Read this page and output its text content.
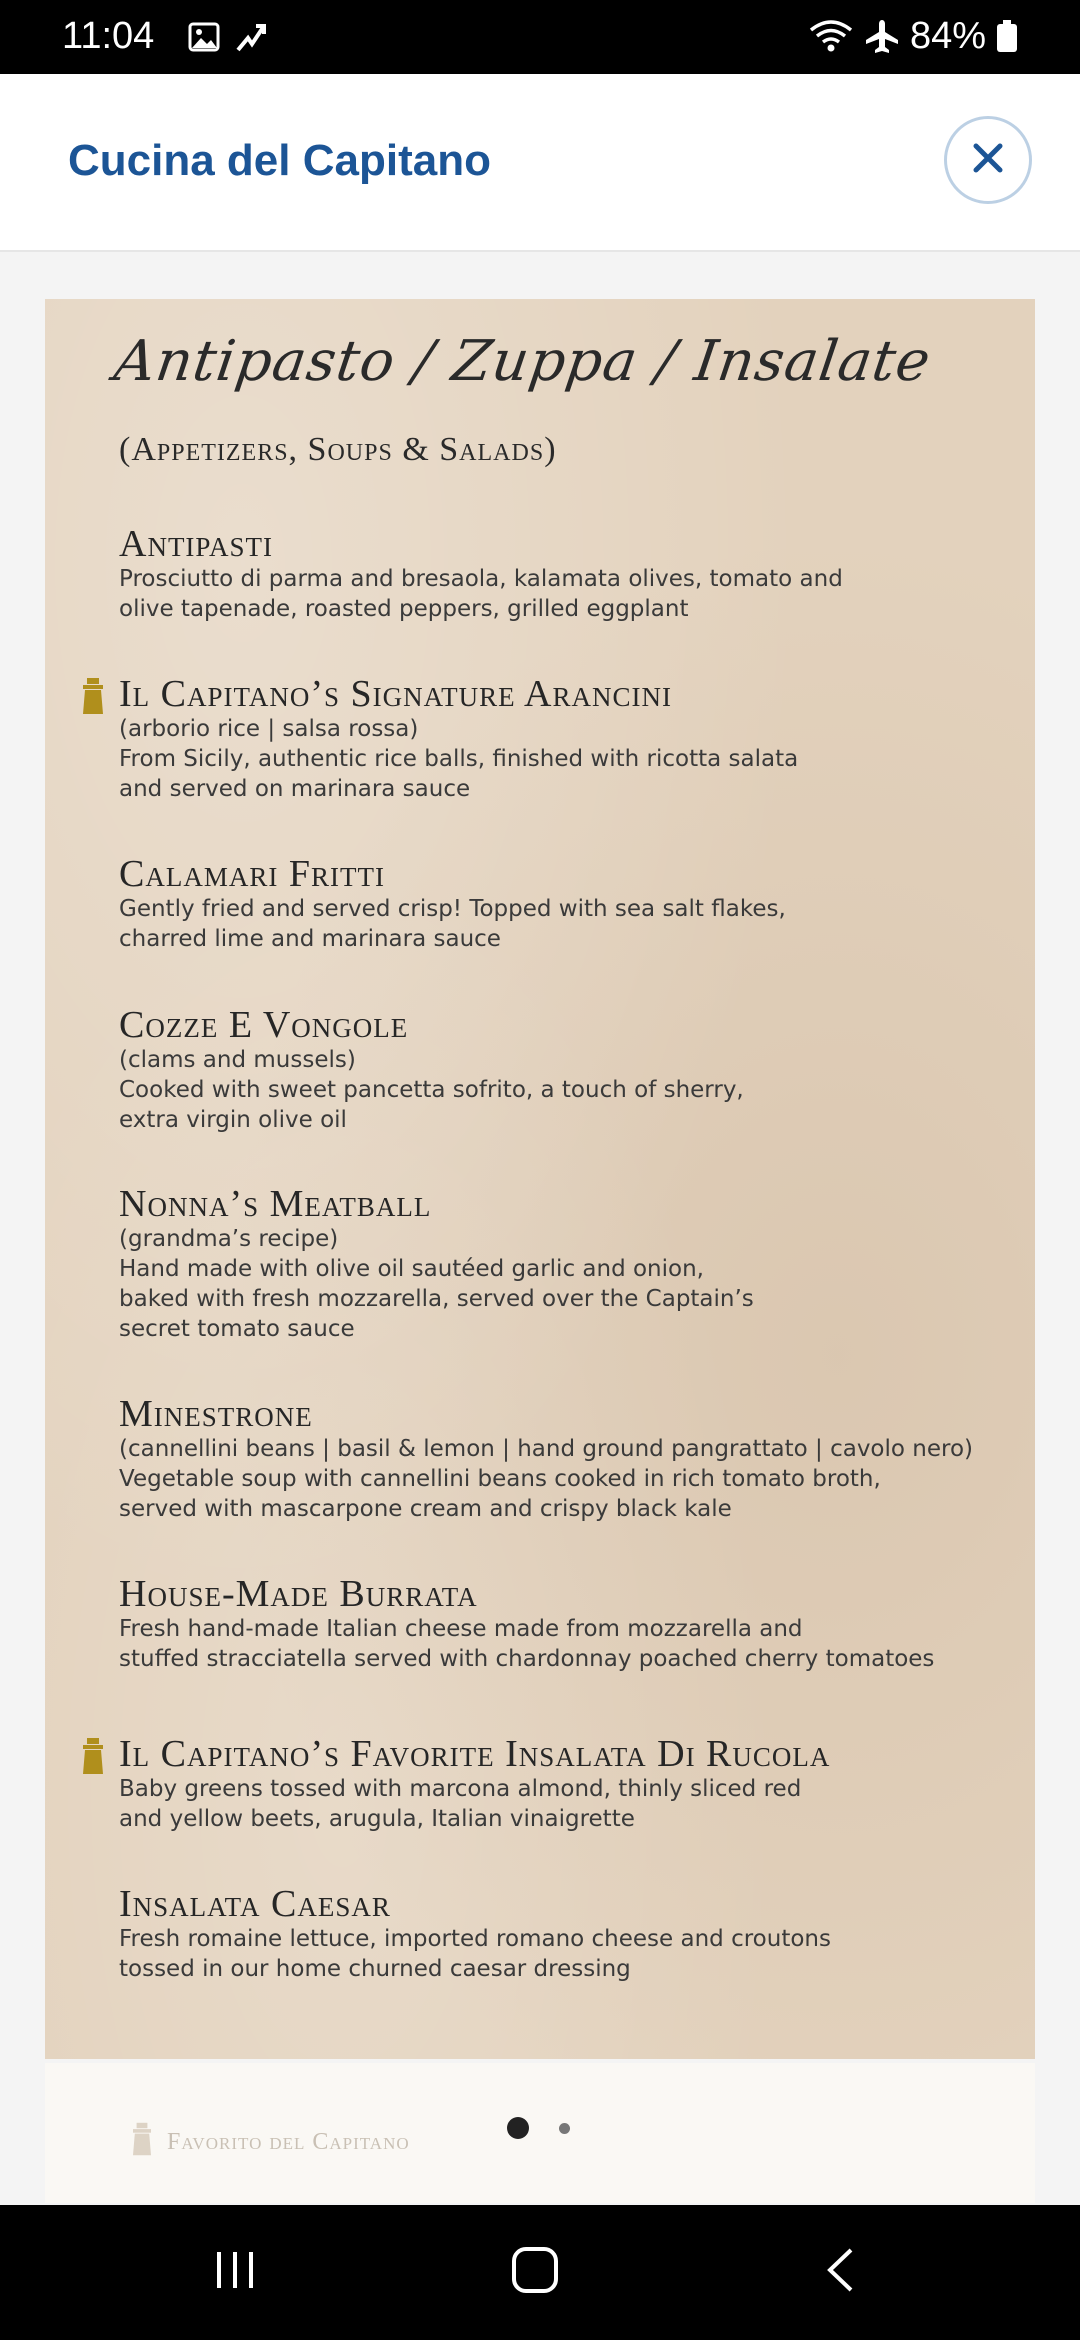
11:04	84%
Cucina del Capitano
Antipasto / Zuppa / Insalate
(Appetizers, Soups & Salads)

Antipasti

Prosciutto di parma and bresaola, kalamata olives, tomato and
olive tapenade, roasted peppers, grilled eggplant

Il Capitano’s Signature Arancini

(arborio rice | salsa rossa)

From Sicily, authentic rice balls, finished with ricotta salata
and served on marinara sauce

Calamari Fritti

Gently fried and served crisp! Topped with sea salt flakes,
charred lime and marinara sauce

Cozze E Vongole

(clams and mussels)

Cooked with sweet pancetta sofrito, a touch of sherry,
extra virgin olive oil

Nonna’s Meatball

(grandma’s recipe)

Hand made with olive oil sautéed garlic and onion,
baked with fresh mozzarella, served over the Captain’s
secret tomato sauce

Minestrone

(cannellini beans | basil & lemon | hand ground pangrattato | cavolo nero)

Vegetable soup with cannellini beans cooked in rich tomato broth,
served with mascarpone cream and crispy black kale

House-Made Burrata

Fresh hand-made Italian cheese made from mozzarella and
stuffed stracciatella served with chardonnay poached cherry tomatoes

Il Capitano’s Favorite Insalata Di Rucola

Baby greens tossed with marcona almond, thinly sliced red
and yellow beets, arugula, Italian vinaigrette

Insalata Caesar

Fresh romaine lettuce, imported romano cheese and croutons
tossed in our home churned caesar dressing

Favorito del Capitano
